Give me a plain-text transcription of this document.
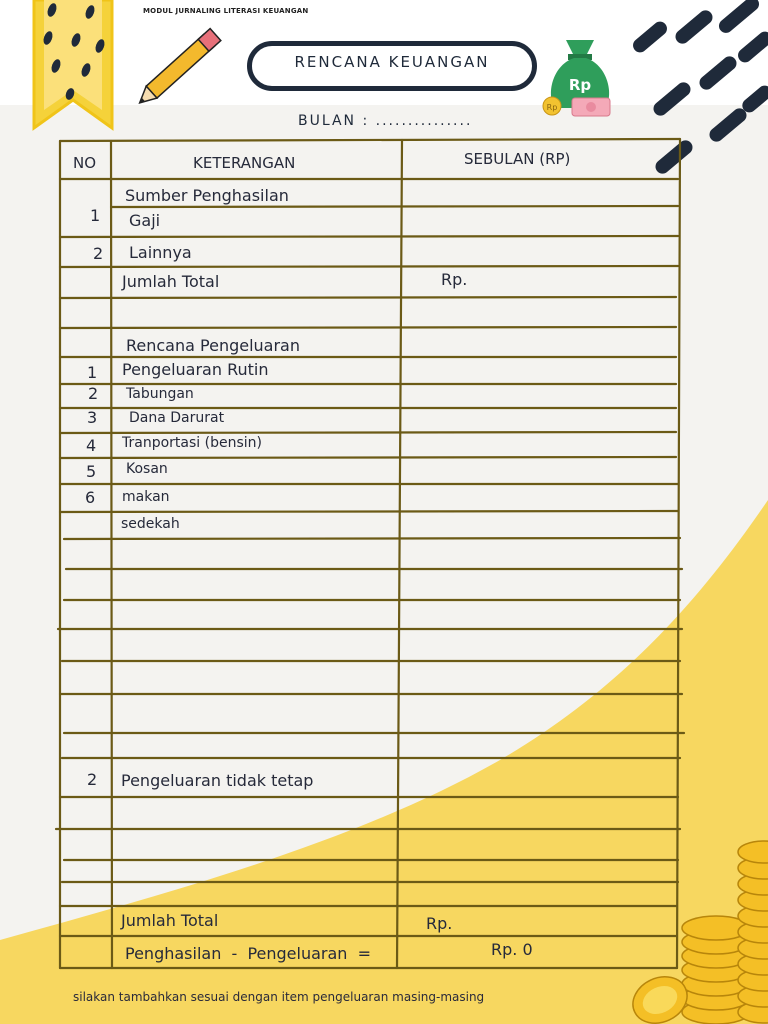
Rp
Rp
MODUL JURNALING LITERASI KEUANGAN
RENCANA KEUANGAN
BULAN : ...............
NO	KETERANGAN	SEBULAN (RP)
Sumber Penghasilan
1 Gaji
2 Lainnya
Jumlah Total	Rp.
Rencana Pengeluaran
1 Pengeluaran Rutin
2 Tabungan
3 Dana Darurat
4 Tranportasi (bensin)
5 Kosan
6 makan
sedekah
2 Pengeluaran tidak tetap
Jumlah Total	Rp.
Penghasilan  -  Pengeluaran  =	Rp. 0
silakan tambahkan sesuai dengan item pengeluaran masing-masing
